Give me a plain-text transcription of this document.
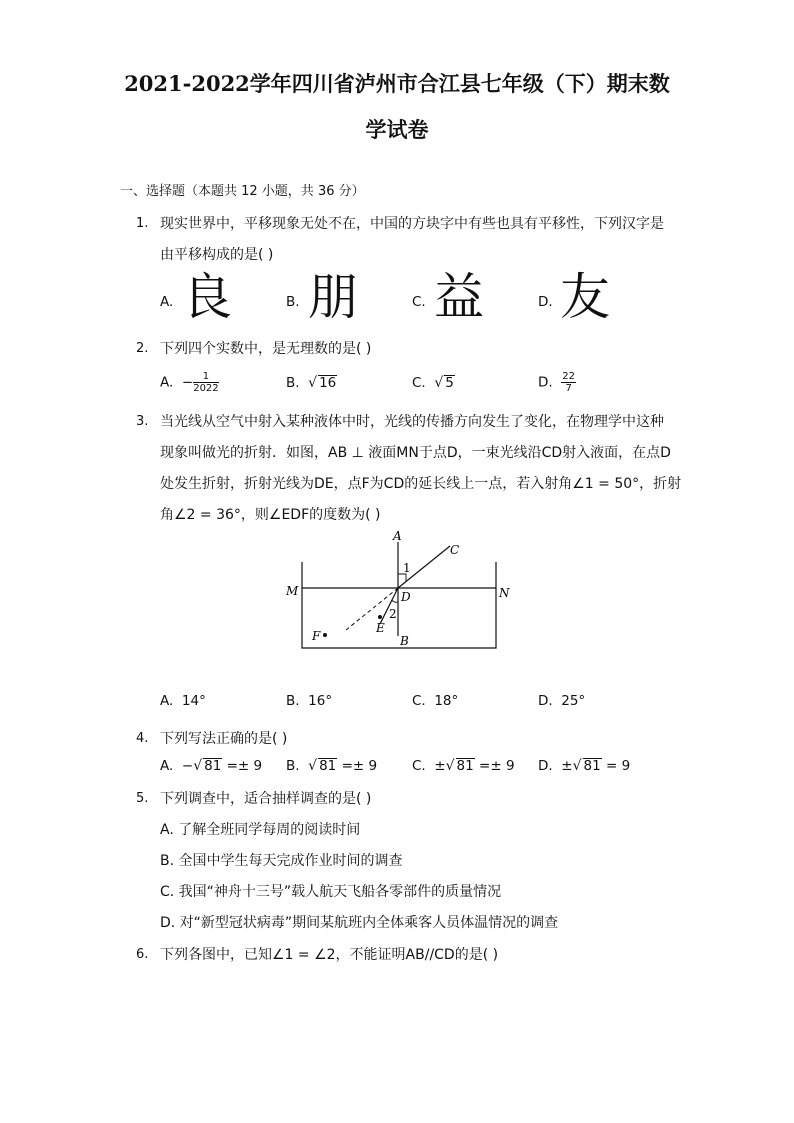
2021-2022学年四川省泸州市合江县七年级（下）期末数
学试卷
一、选择题（本题共 12 小题，共 36 分）
1. 现实世界中，平移现象无处不在，中国的方块字中有些也具有平移性，下列汉字是
由平移构成的是( )
A. 良	B. 朋	C. 益	D. 友
2. 下列四个实数中，是无理数的是( )
A. − $\frac{1}{2022}$	B. √ 16	C. √ 5	D. $\frac{22}{7}$
3. 当光线从空气中射入某种液体中时，光线的传播方向发生了变化，在物理学中这种
现象叫做光的折射．如图，AB ⊥ 液面MN于点D，一束光线沿CD射入液面，在点D
处发生折射，折射光线为DE，点F为CD的延长线上一点，若入射角∠1 = 50°，折射
角∠2 = 36°，则∠EDF的度数为( )
A
C
1
M	N
D
2
E
F	B
A. 14°	B. 16°	C. 18°	D. 25°
4. 下列写法正确的是( )
A. −√ 81 =± 9 B. √ 81 =± 9	C. ±√ 81 =± 9 D. ±√ 81 = 9
5. 下列调查中，适合抽样调查的是( )
A. 了解全班同学每周的阅读时间
B. 全国中学生每天完成作业时间的调查
C. 我国“神舟十三号”载人航天飞船各零部件的质量情况
D. 对“新型冠状病毒”期间某航班内全体乘客人员体温情况的调查
6. 下列各图中，已知∠1 = ∠2，不能证明AB//CD的是( )
